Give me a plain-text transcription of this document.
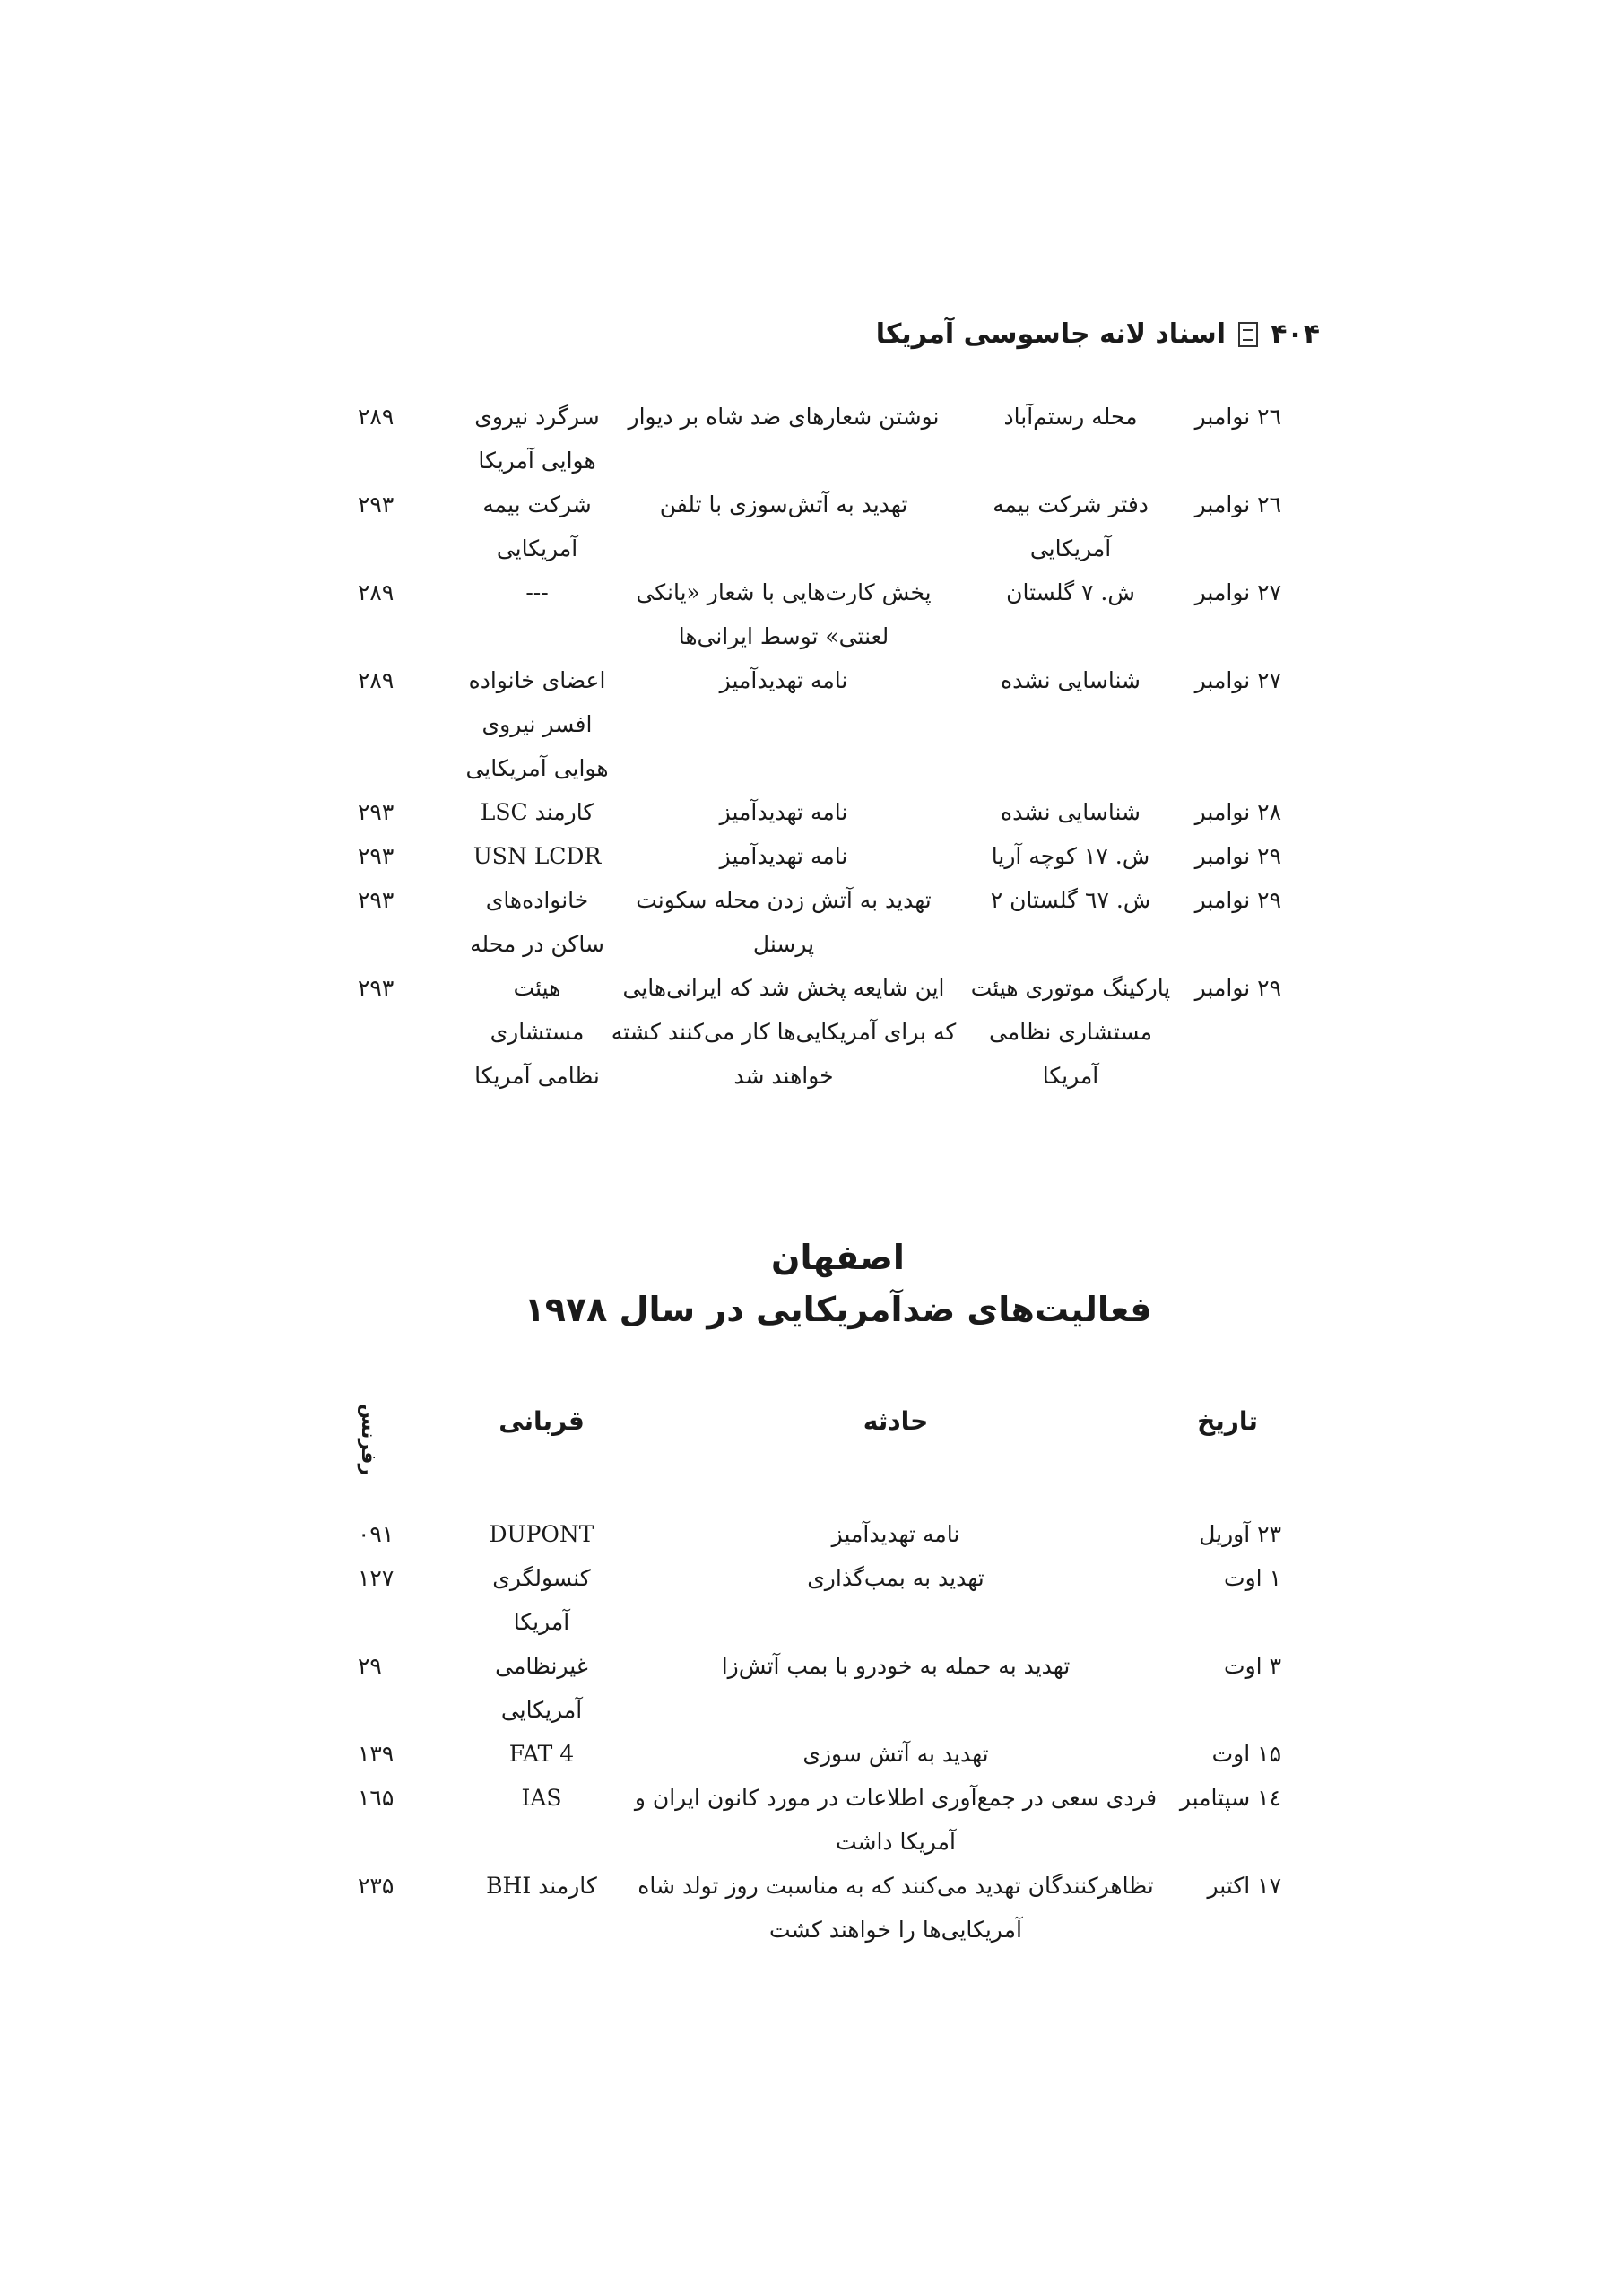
۴۰۴
اسناد لانه جاسوسی آمریکا
۲٦ نوامبر	محله رستم‌آباد	نوشتن شعارهای ضد شاه بر دیوار	سرگرد نیروی هوایی آمریکا	۲۸۹
۲٦ نوامبر	دفتر شرکت بیمه آمریکایی	تهدید به آتش‌سوزی با تلفن	شرکت بیمه آمریکایی	۲۹۳
۲۷ نوامبر	ش. ۷ گلستان	پخش کارت‌هایی با شعار «یانکی لعنتی» توسط ایرانی‌ها	---	۲۸۹
۲۷ نوامبر	شناسایی نشده	نامه تهدیدآمیز	اعضای خانواده افسر نیروی هوایی آمریکایی	۲۸۹
۲۸ نوامبر	شناسایی نشده	نامه تهدیدآمیز	کارمند LSC	۲۹۳
۲۹ نوامبر	ش. ۱۷ کوچه آریا	نامه تهدیدآمیز	USN LCDR	۲۹۳
۲۹ نوامبر	ش. ٦۷ گلستان ۲	تهدید به آتش زدن محله سکونت پرسنل	خانواده‌های ساکن در محله	۲۹۳
۲۹ نوامبر	پارکینگ موتوری هیئت مستشاری نظامی آمریکا	این شایعه پخش شد که ایرانی‌هایی که برای آمریکایی‌ها کار می‌کنند کشته خواهند شد	هیئت مستشاری نظامی آمریکا	۲۹۳
اصفهان
فعالیت‌های ضدآمریکایی در سال ۱۹۷۸
تاریخ	حادثه	قربانی	رفرنس
۲۳ آوریل	نامه تهدیدآمیز	DUPONT	۰۹۱
۱ اوت	تهدید به بمب‌گذاری	کنسولگری آمریکا	۱۲۷
۳ اوت	تهدید به حمله به خودرو با بمب آتش‌زا	غیرنظامی آمریکایی	۲۹
۱۵ اوت	تهدید به آتش سوزی	FAT 4	۱۳۹
۱٤ سپتامبر	فردی سعی در جمع‌آوری اطلاعات در مورد کانون ایران و آمریکا داشت	IAS	۱٦۵
۱۷ اکتبر	تظاهرکنندگان تهدید می‌کنند که به مناسبت روز تولد شاه آمریکایی‌ها را خواهند کشت	کارمند BHI	۲۳۵
